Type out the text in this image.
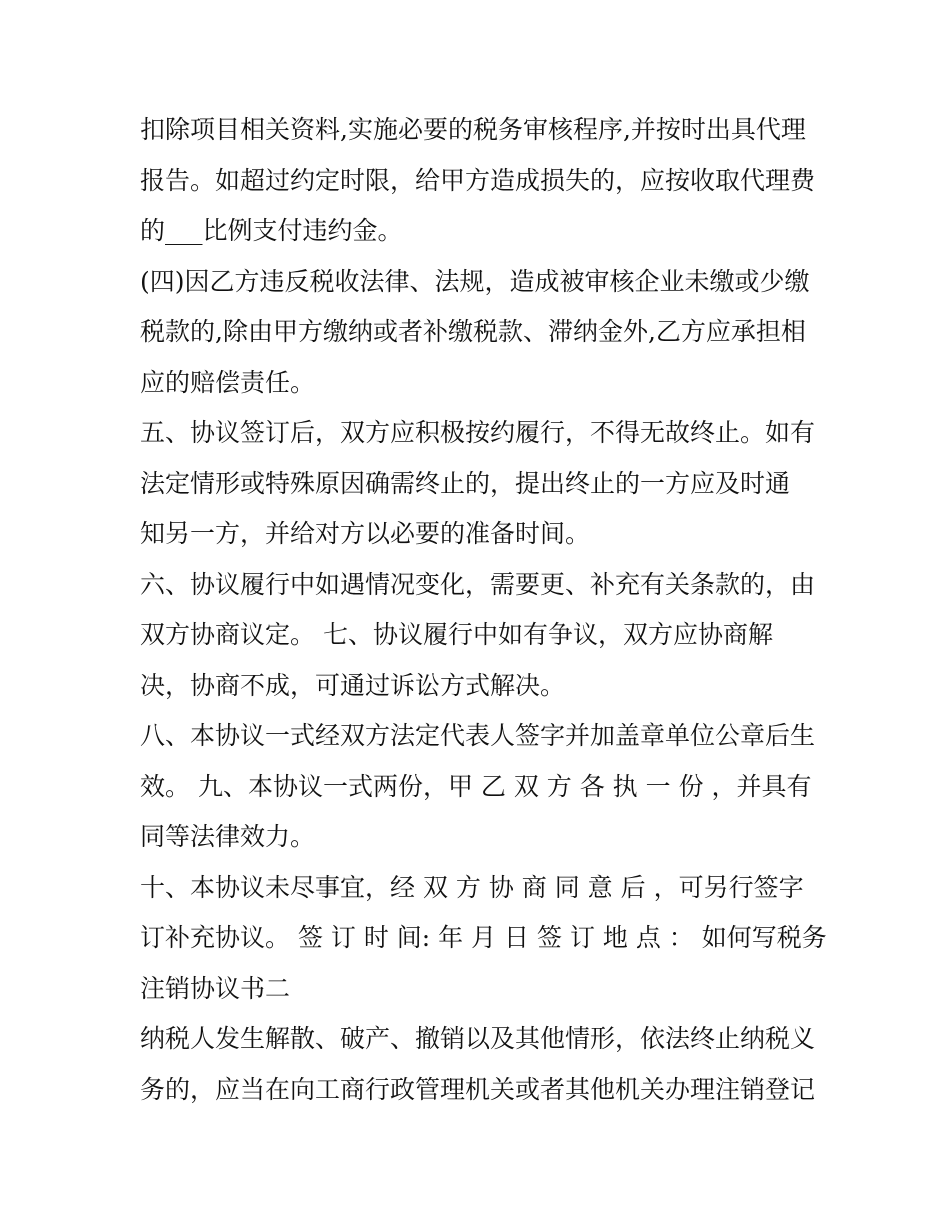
扣除项目相关资料,实施必要的税务审核程序,并按时出具代理

报告。如超过约定时限，给甲方造成损失的，应按收取代理费

的___比例支付违约金。

(四)因乙方违反税收法律、法规，造成被审核企业未缴或少缴

税款的,除由甲方缴纳或者补缴税款、滞纳金外,乙方应承担相

应的赔偿责任。

五、协议签订后，双方应积极按约履行，不得无故终止。如有

法定情形或特殊原因确需终止的，提出终止的一方应及时通

知另一方，并给对方以必要的准备时间。

六、协议履行中如遇情况变化，需要更、补充有关条款的，由

双方协商议定。 七、协议履行中如有争议，双方应协商解

决，协商不成，可通过诉讼方式解决。

八、本协议一式经双方法定代表人签字并加盖章单位公章后生

效。 九、本协议一式两份，甲 乙 双 方 各 执 一 份 ，并具有

同等法律效力。

十、本协议未尽事宜，经 双 方 协 商 同 意 后 ，可另行签字

订补充协议。 签 订 时 间: 年 月 日 签 订 地 点 ： 如何写税务

注销协议书二

纳税人发生解散、破产、撤销以及其他情形，依法终止纳税义

务的，应当在向工商行政管理机关或者其他机关办理注销登记
